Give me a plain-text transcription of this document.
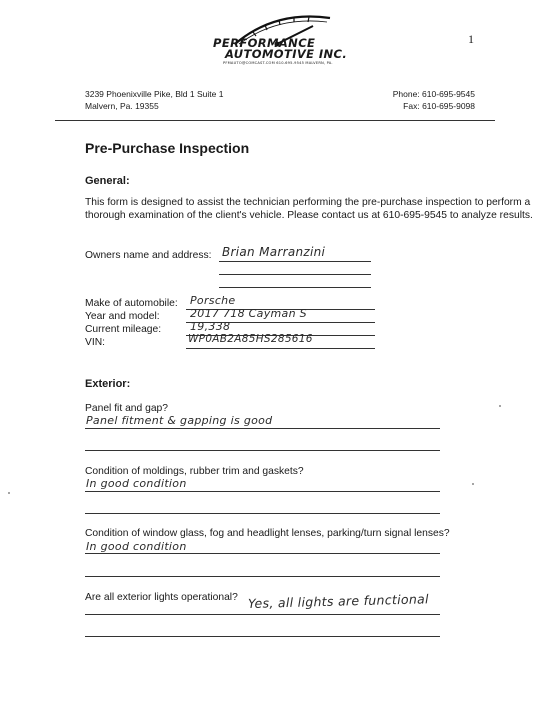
1
PERFORMANCE
AUTOMOTIVE INC.
PFMAUTO@COMCAST.COM 610-695-9545 MALVERN, PA.
3239 Phoenixville Pike, Bld 1 Suite 1
Malvern, Pa. 19355
Phone: 610-695-9545
Fax: 610-695-9098
Pre-Purchase Inspection
General:
This form is designed to assist the technician performing the pre-purchase inspection to perform a thorough examination of the client's vehicle. Please contact us at 610-695-9545 to analyze results.
Owners name and address: Brian Marranzini
Make of automobile: Porsche
Year and model:	2017 718 Cayman S
Current mileage:	19,338
VIN:	WP0AB2A85HS285616
Exterior:
Panel fit and gap?
Panel fitment & gapping is good
Condition of moldings, rubber trim and gaskets?
In good condition
Condition of window glass, fog and headlight lenses, parking/turn signal lenses?
In good condition
Are all exterior lights operational? Yes, all lights are functional
